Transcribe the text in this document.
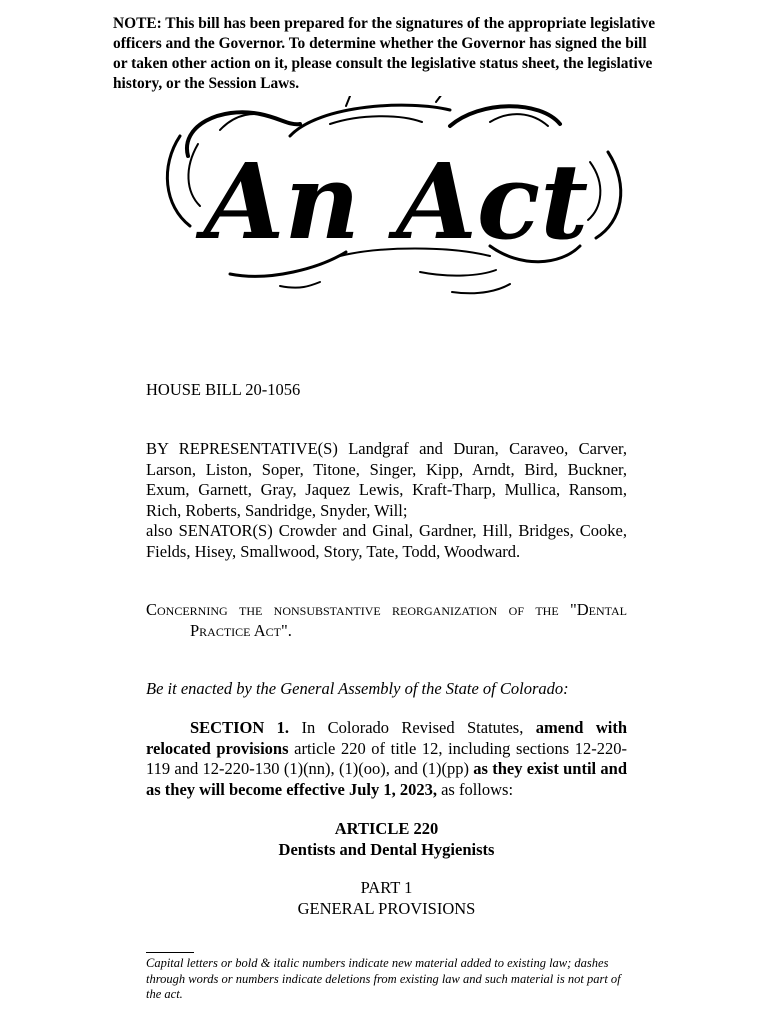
NOTE: This bill has been prepared for the signatures of the appropriate legislative officers and the Governor. To determine whether the Governor has signed the bill or taken other action on it, please consult the legislative status sheet, the legislative history, or the Session Laws.
An Act
HOUSE BILL 20-1056

BY REPRESENTATIVE(S) Landgraf and Duran, Caraveo, Carver, Larson, Liston, Soper, Titone, Singer, Kipp, Arndt, Bird, Buckner, Exum, Garnett, Gray, Jaquez Lewis, Kraft-Tharp, Mullica, Ransom, Rich, Roberts, Sandridge, Snyder, Will;

also SENATOR(S) Crowder and Ginal, Gardner, Hill, Bridges, Cooke, Fields, Hisey, Smallwood, Story, Tate, Todd, Woodward.

Concerning the nonsubstantive reorganization of the "Dental
Practice Act".
Be it enacted by the General Assembly of the State of Colorado:

SECTION 1. In Colorado Revised Statutes, amend with relocated provisions article 220 of title 12, including sections 12-220-119 and 12-220-130 (1)(nn), (1)(oo), and (1)(pp) as they exist until and as they will become effective July 1, 2023, as follows:

ARTICLE 220
Dentists and Dental Hygienists
PART 1
GENERAL PROVISIONS
Capital letters or bold & italic numbers indicate new material added to existing law; dashes through words or numbers indicate deletions from existing law and such material is not part of the act.
